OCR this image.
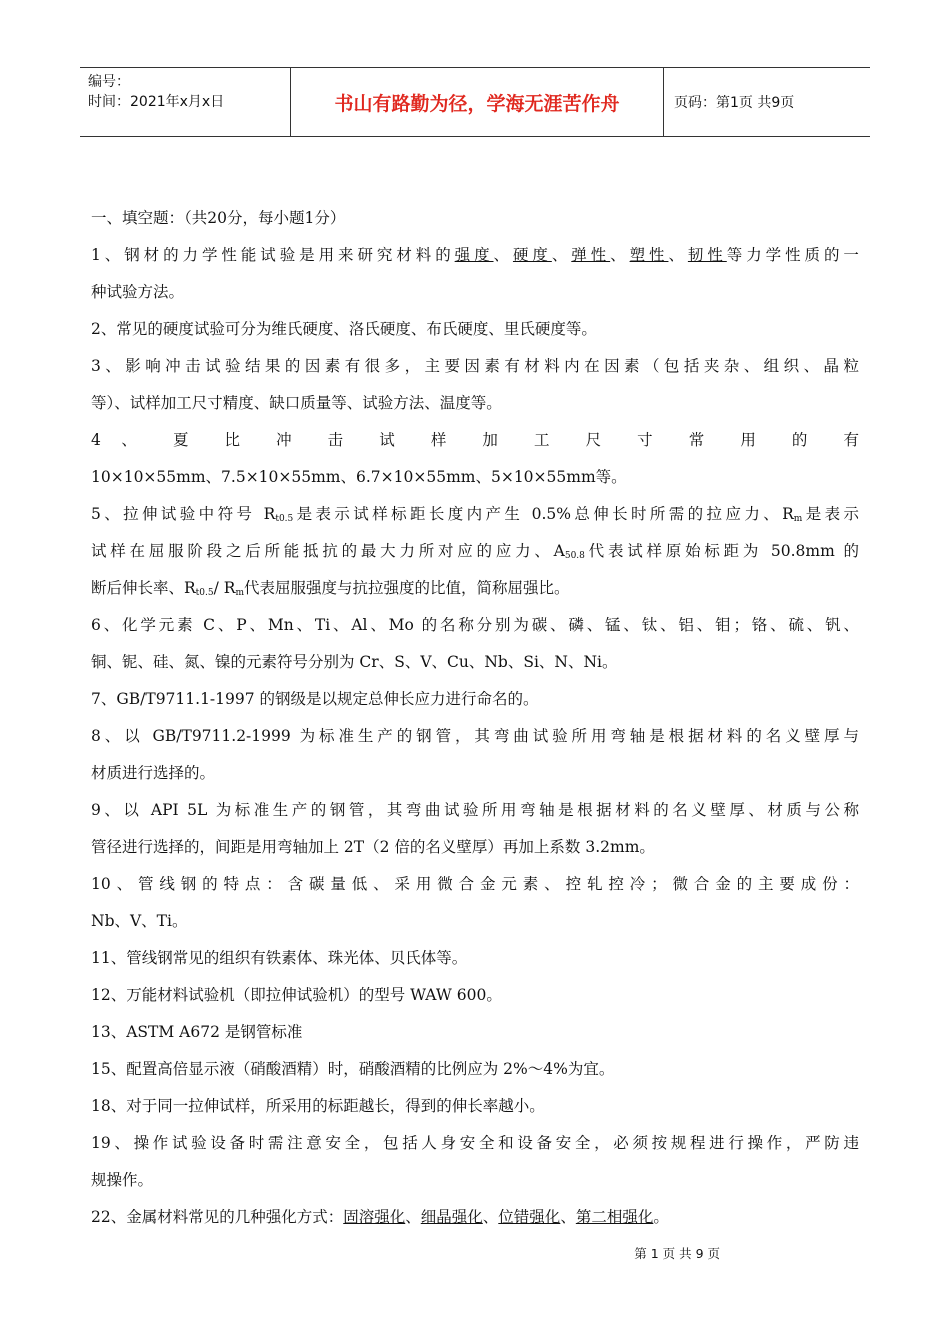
编号：
时间：2021年x月x日	书山有路勤为径，学海无涯苦作舟	页码：第1页 共9页
一、填空题：（共20分，每小题1分）
1、钢材的力学性能试验是用来研究材料的强度、硬度、弹性、塑性、韧性等力学性质的一
种试验方法。
2、常见的硬度试验可分为维氏硬度、洛氏硬度、布氏硬度、里氏硬度等。
3、影响冲击试验结果的因素有很多，主要因素有材料内在因素（包括夹杂、组织、晶粒
等）、试样加工尺寸精度、缺口质量等、试验方法、温度等。
4 、 夏 比 冲 击 试 样 加 工 尺 寸 常 用 的 有
10×10×55mm、7.5×10×55mm、6.7×10×55mm、5×10×55mm等。
5、拉伸试验中符号 $R_{t0.5}$是表示试样标距长度内产生 0.5%总伸长时所需的拉应力、$R_m$是表示
试样在屈服阶段之后所能抵抗的最大力所对应的应力、$A_{50.8}$代表试样原始标距为 50.8mm 的
断后伸长率、$R_{t0.5}/$ $R_m$代表屈服强度与抗拉强度的比值，简称屈强比。
6、化学元素 C、P、Mn、Ti、Al、Mo 的名称分别为碳、磷、锰、钛、铝、钼；铬、硫、钒、
铜、铌、硅、氮、镍的元素符号分别为 Cr、S、V、Cu、Nb、Si、N、Ni。
7、GB/T9711.1-1997 的钢级是以规定总伸长应力进行命名的。
8、以 GB/T9711.2-1999 为标准生产的钢管，其弯曲试验所用弯轴是根据材料的名义壁厚与
材质进行选择的。
9、以 API 5L 为标准生产的钢管，其弯曲试验所用弯轴是根据材料的名义壁厚、材质与公称
管径进行选择的，间距是用弯轴加上 2T（2 倍的名义壁厚）再加上系数 3.2mm。
10、管线钢的特点：含碳量低、采用微合金元素、控轧控冷；微合金的主要成份：
Nb、V、Ti。
11、管线钢常见的组织有铁素体、珠光体、贝氏体等。
12、万能材料试验机（即拉伸试验机）的型号 WAW 600。
13、ASTM A672 是钢管标准
15、配置高倍显示液（硝酸酒精）时，硝酸酒精的比例应为 2%～4%为宜。
18、对于同一拉伸试样，所采用的标距越长，得到的伸长率越小。
19、操作试验设备时需注意安全，包括人身安全和设备安全，必须按规程进行操作，严防违
规操作。
22、金属材料常见的几种强化方式：固溶强化、细晶强化、位错强化、第二相强化。
第 1 页 共 9 页
